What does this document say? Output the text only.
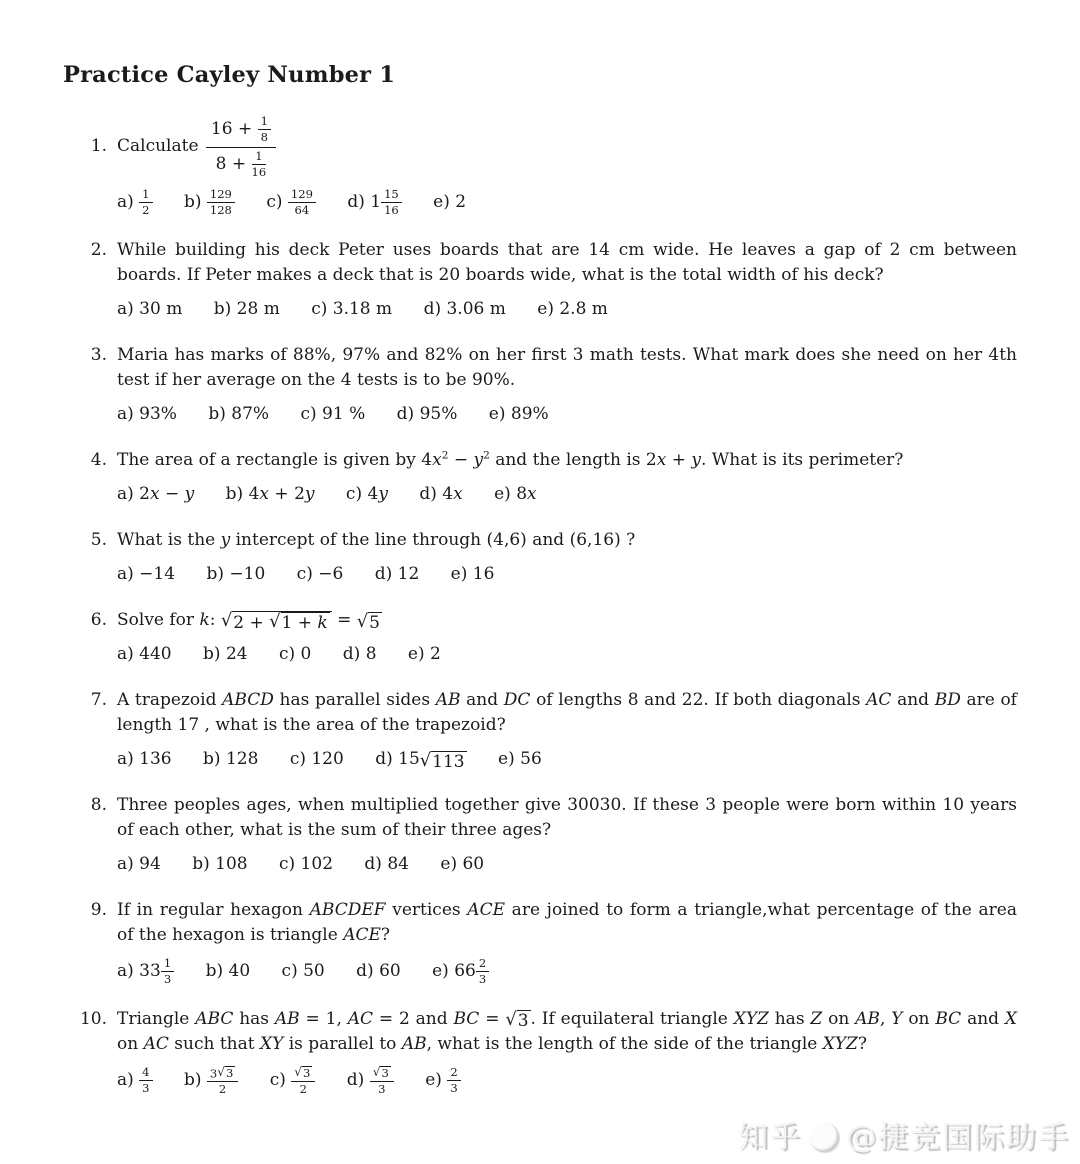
Practice Cayley Number 1

1. Calculate $\frac{16 + \frac{1}{8}}{8 + \frac{1}{16}}$

$a) \frac{1}{2} b) \frac{129}{128} c) \frac{129}{64} d$) $1 \frac{15}{16} e$) 2

2. While building his deck Peter uses boards that are 14 cm wide. He leaves a gap of 2 cm between boards. If Peter makes a deck that is 20 boards wide, what is the total width of his deck?

a) 30 m b) 28 m c) 3.18 m d) 3.06 m e) 2.8 m

3. Maria has marks of 88%, 97% and 82% on her first 3 math tests. What mark does she need on her 4th test if her average on the 4 tests is to be 90%.

a) 93% b) 87% c) 91 % d) 95% e) 89%

4. The area of a rectangle is given by $4x^2 - y^2$ and the length is 2x + y. What is its perimeter?

a) 2x − y b) 4x + 2y c) 4y d) 4x e) 8x

5. What is the y intercept of the line through (4,6) and (6,16) ?

a) −14 b) −10 c) −6 d) 12 e) 16

6. Solve for k: √ 2 + √ 1 + k = √ 5

a) 440 b) 24 c) 0 d) 8 e) 2

7. A trapezoid ABCD has parallel sides AB and DC of lengths 8 and 22. If both diagonals AC and BD are of length 17 , what is the area of the trapezoid?

a) 136 b) 128 c) 120 d) 15 √ 113 e) 56

8. Three peoples ages, when multiplied together give 30030. If these 3 people were born within 10 years of each other, what is the sum of their three ages?

a) 94 b) 108 c) 102 d) 84 e) 60

9. If in regular hexagon ABCDEF vertices ACE are joined to form a triangle,what percentage of the area of the hexagon is triangle ACE?

a) $33 \frac{1}{3} b$) 40 c) 50 d) 60 e) $66 \frac{2}{3}$

10. Triangle ABC has AB = 1, AC = 2 and BC = √ 3 . If equilateral triangle XYZ has Z on AB, Y on BC and X on AC such that XY is parallel to AB, what is the length of the side of the triangle XYZ?

$a) \frac{4}{3} b) \frac{3 √ 3}{2} c) \frac{√ 3}{2} d) \frac{√ 3}{3} e) \frac{2}{3}$

知乎 @捷竞国际助手
